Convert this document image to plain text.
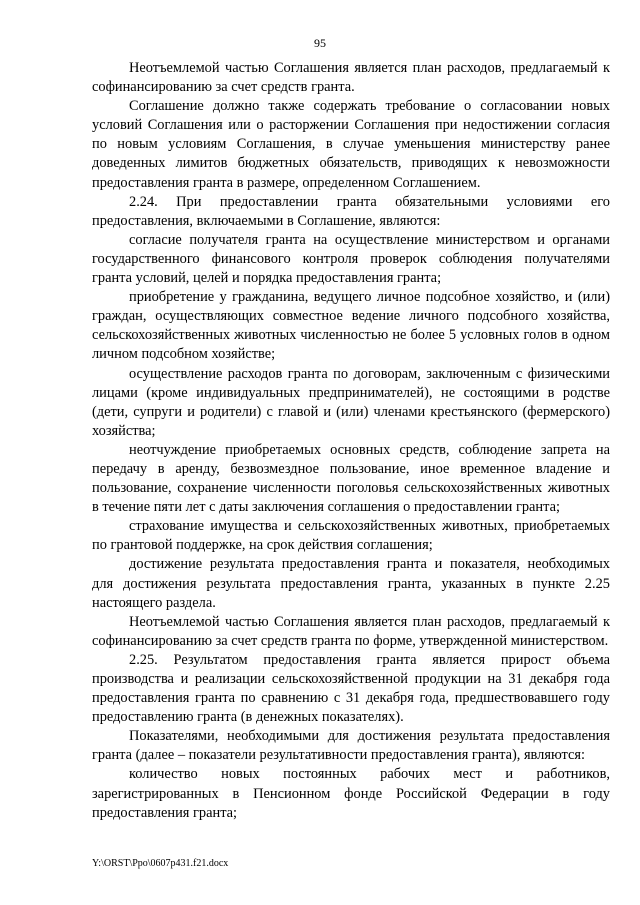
95

Неотъемлемой частью Соглашения является план расходов, предлагаемый к софинансированию за счет средств гранта.

Соглашение должно также содержать требование о согласовании новых условий Соглашения или о расторжении Соглашения при недостижении согласия по новым условиям Соглашения, в случае уменьшения министерству ранее доведенных лимитов бюджетных обязательств, приводящих к невозможности предоставления гранта в размере, определенном Соглашением.

2.24. При предоставлении гранта обязательными условиями его предоставления, включаемыми в Соглашение, являются:

согласие получателя гранта на осуществление министерством и органами государственного финансового контроля проверок соблюдения получателями гранта условий, целей и порядка предоставления гранта;

приобретение у гражданина, ведущего личное подсобное хозяйство, и (или) граждан, осуществляющих совместное ведение личного подсобного хозяйства, сельскохозяйственных животных численностью не более 5 условных голов в одном личном подсобном хозяйстве;

осуществление расходов гранта по договорам, заключенным с физическими лицами (кроме индивидуальных предпринимателей), не состоящими в родстве (дети, супруги и родители) с главой и (или) членами крестьянского (фермерского) хозяйства;

неотчуждение приобретаемых основных средств, соблюдение запрета на передачу в аренду, безвозмездное пользование, иное временное владение и пользование, сохранение численности поголовья сельскохозяйственных животных в течение пяти лет с даты заключения соглашения о предоставлении гранта;

страхование имущества и сельскохозяйственных животных, приобретаемых по грантовой поддержке, на срок действия соглашения;

достижение результата предоставления гранта и показателя, необходимых для достижения результата предоставления гранта, указанных в пункте 2.25 настоящего раздела.

Неотъемлемой частью Соглашения является план расходов, предлагаемый к софинансированию за счет средств гранта по форме, утвержденной министерством.

2.25. Результатом предоставления гранта является прирост объема производства и реализации сельскохозяйственной продукции на 31 декабря года предоставления гранта по сравнению с 31 декабря года, предшествовавшего году предоставлению гранта (в денежных показателях).

Показателями, необходимыми для достижения результата предоставления гранта (далее – показатели результативности предоставления гранта), являются:

количество новых постоянных рабочих мест и работников, зарегистрированных в Пенсионном фонде Российской Федерации в году предоставления гранта;

Y:\ORST\Ppo\0607p431.f21.docx
